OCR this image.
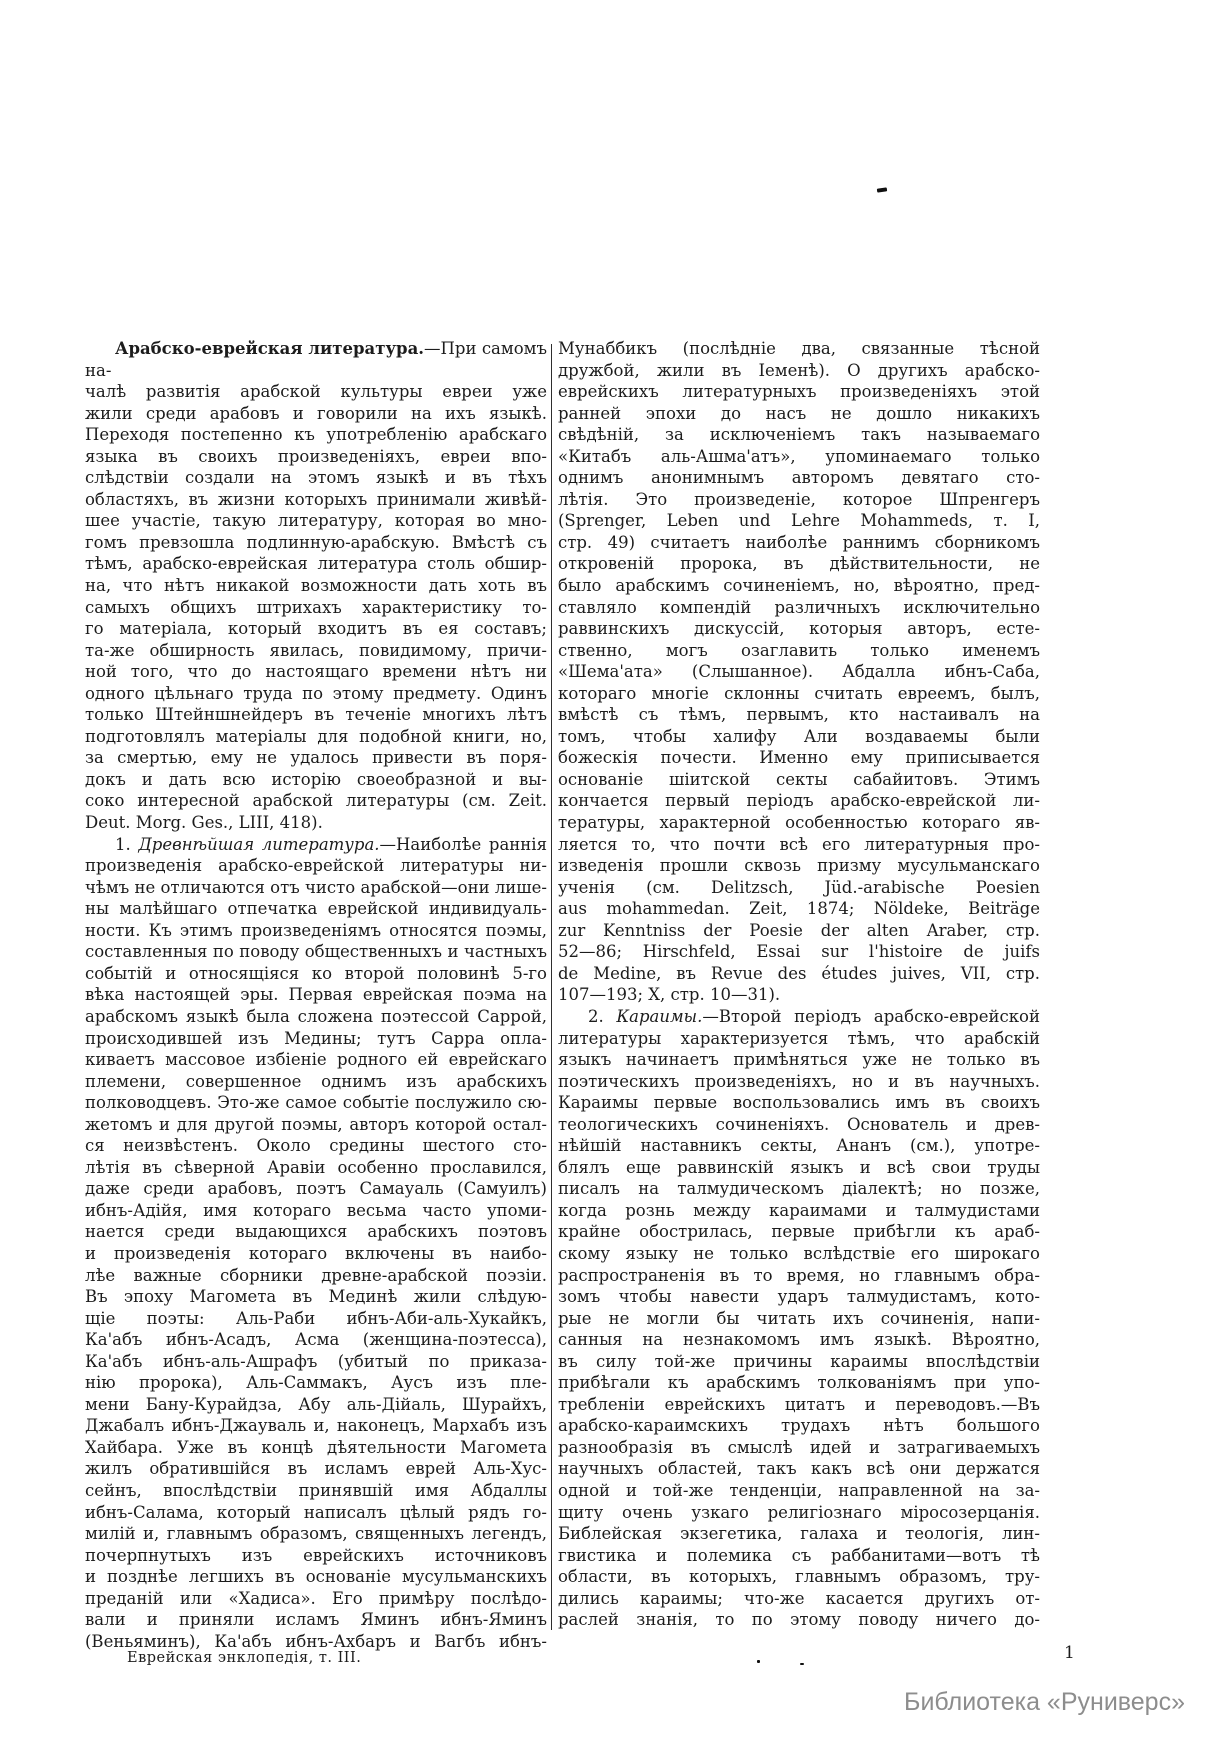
Арабско-еврейская литература.—При самомъ на-
чалѣ развитія арабской культуры евреи уже
жили среди арабовъ и говорили на ихъ языкѣ.
Переходя постепенно къ употребленію арабскаго
языка въ своихъ произведеніяхъ, евреи впо-
слѣдствіи создали на этомъ языкѣ и въ тѣхъ
областяхъ, въ жизни которыхъ принимали живѣй-
шее участіе, такую литературу, которая во мно-
гомъ превзошла подлинную-арабскую. Вмѣстѣ съ
тѣмъ, арабско-еврейская литература столь обшир-
на, что нѣтъ никакой возможности дать хоть въ
самыхъ общихъ штрихахъ характеристику то-
го матеріала, который входитъ въ ея составъ;
та-же обширность явилась, повидимому, причи-
ной того, что до настоящаго времени нѣтъ ни
одного цѣльнаго труда по этому предмету. Одинъ
только Штейншнейдеръ въ теченіе многихъ лѣтъ
подготовлялъ матеріалы для подобной книги, но,
за смертью, ему не удалось привести въ поря-
докъ и дать всю исторію своеобразной и вы-
соко интересной арабской литературы (см. Zeit.
Deut. Morg. Ges., LIII, 418).
1. Древнѣйшая литература.—Наиболѣе раннія
произведенія арабско-еврейской литературы ни-
чѣмъ не отличаются отъ чисто арабской—они лише-
ны малѣйшаго отпечатка еврейской индивидуаль-
ности. Къ этимъ произведеніямъ относятся поэмы,
составленныя по поводу общественныхъ и частныхъ
событій и относящіяся ко второй половинѣ 5-го
вѣка настоящей эры. Первая еврейская поэма на
арабскомъ языкѣ была сложена поэтессой Саррой,
происходившей изъ Медины; тутъ Сарра опла-
киваетъ массовое избіеніе родного ей еврейскаго
племени, совершенное однимъ изъ арабскихъ
полководцевъ. Это-же самое событіе послужило сю-
жетомъ и для другой поэмы, авторъ которой остал-
ся неизвѣстенъ. Около средины шестого сто-
лѣтія въ сѣверной Аравіи особенно прославился,
даже среди арабовъ, поэтъ Самауаль (Самуилъ)
ибнъ-Адійя, имя котораго весьма часто упоми-
нается среди выдающихся арабскихъ поэтовъ
и произведенія котораго включены въ наибо-
лѣе важные сборники древне-арабской поэзіи.
Въ эпоху Магомета въ Мединѣ жили слѣдую-
щіе поэты: Аль-Раби ибнъ-Аби-аль-Хукайкъ,
Ка'абъ ибнъ-Асадъ, Асма (женщина-поэтесса),
Ка'абъ ибнъ-аль-Ашрафъ (убитый по приказа-
нію пророка), Аль-Саммакъ, Аусъ изъ пле-
мени Бану-Курайдза, Абу аль-Дійаль, Шурайхъ,
Джабалъ ибнъ-Джауваль и, наконецъ, Мархабъ изъ
Хайбара. Уже въ концѣ дѣятельности Магомета
жилъ обратившійся въ исламъ еврей Аль-Хус-
сейнъ, впослѣдствіи принявшій имя Абдаллы
ибнъ-Салама, который написалъ цѣлый рядъ го-
милій и, главнымъ образомъ, священныхъ легендъ,
почерпнутыхъ изъ еврейскихъ источниковъ
и позднѣе легшихъ въ основаніе мусульманскихъ
преданій или «Хадиса». Его примѣру послѣдо-
вали и приняли исламъ Яминъ ибнъ-Яминъ
(Веньяминъ), Ка'абъ ибнъ-Ахбаръ и Вагбъ ибнъ-
Мунаббикъ (послѣдніе два, связанные тѣсной
дружбой, жили въ Іеменѣ). О другихъ арабско-
еврейскихъ литературныхъ произведеніяхъ этой
ранней эпохи до насъ не дошло никакихъ
свѣдѣній, за исключеніемъ такъ называемаго
«Китабъ аль-Ашма'атъ», упоминаемаго только
однимъ анонимнымъ авторомъ девятаго сто-
лѣтія. Это произведеніе, которое Шпренгеръ
(Sprenger, Leben und Lehre Mohammeds, т. I,
стр. 49) считаетъ наиболѣе раннимъ сборникомъ
откровеній пророка, въ дѣйствительности, не
было арабскимъ сочиненіемъ, но, вѣроятно, пред-
ставляло компендій различныхъ исключительно
раввинскихъ дискуссій, которыя авторъ, есте-
ственно, могъ озаглавить только именемъ
«Шема'ата» (Слышанное). Абдалла ибнъ-Саба,
котораго многіе склонны считать евреемъ, былъ,
вмѣстѣ съ тѣмъ, первымъ, кто настаивалъ на
томъ, чтобы халифу Али воздаваемы были
божескія почести. Именно ему приписывается
основаніе шіитской секты сабайитовъ. Этимъ
кончается первый періодъ арабско-еврейской ли-
тературы, характерной особенностью котораго яв-
ляется то, что почти всѣ его литературныя про-
изведенія прошли сквозь призму мусульманскаго
ученія (см. Delitzsch, Jüd.-arabische Poesien
aus mohammedan. Zeit, 1874; Nöldeke, Beiträge
zur Kenntniss der Poesie der alten Araber, стр.
52—86; Hirschfeld, Essai sur l'histoire de juifs
de Medine, въ Revue des études juives, VII, стр.
107—193; X, стр. 10—31).
2. Караимы.—Второй періодъ арабско-еврейской
литературы характеризуется тѣмъ, что арабскій
языкъ начинаетъ примѣняться уже не только въ
поэтическихъ произведеніяхъ, но и въ научныхъ.
Караимы первые воспользовались имъ въ своихъ
теологическихъ сочиненіяхъ. Основатель и древ-
нѣйшій наставникъ секты, Ананъ (см.), употре-
блялъ еще раввинскій языкъ и всѣ свои труды
писалъ на талмудическомъ діалектѣ; но позже,
когда рознь между караимами и талмудистами
крайне обострилась, первые прибѣгли къ араб-
скому языку не только вслѣдствіе его широкаго
распространенія въ то время, но главнымъ обра-
зомъ чтобы навести ударъ талмудистамъ, кото-
рые не могли бы читать ихъ сочиненія, напи-
санныя на незнакомомъ имъ языкѣ. Вѣроятно,
въ силу той-же причины караимы впослѣдствіи
прибѣгали къ арабскимъ толкованіямъ при упо-
требленіи еврейскихъ цитатъ и переводовъ.—Въ
арабско-караимскихъ трудахъ нѣтъ большого
разнообразія въ смыслѣ идей и затрагиваемыхъ
научныхъ областей, такъ какъ всѣ они держатся
одной и той-же тенденціи, направленной на за-
щиту очень узкаго религіознаго міросозерцанія.
Библейская экзегетика, галаха и теологія, лин-
гвистика и полемика съ раббанитами—вотъ тѣ
области, въ которыхъ, главнымъ образомъ, тру-
дились караимы; что-же касается другихъ от-
раслей знанія, то по этому поводу ничего до-
Еврейская энклопедія, т. III.	1
Библиотека «Руниверс»
